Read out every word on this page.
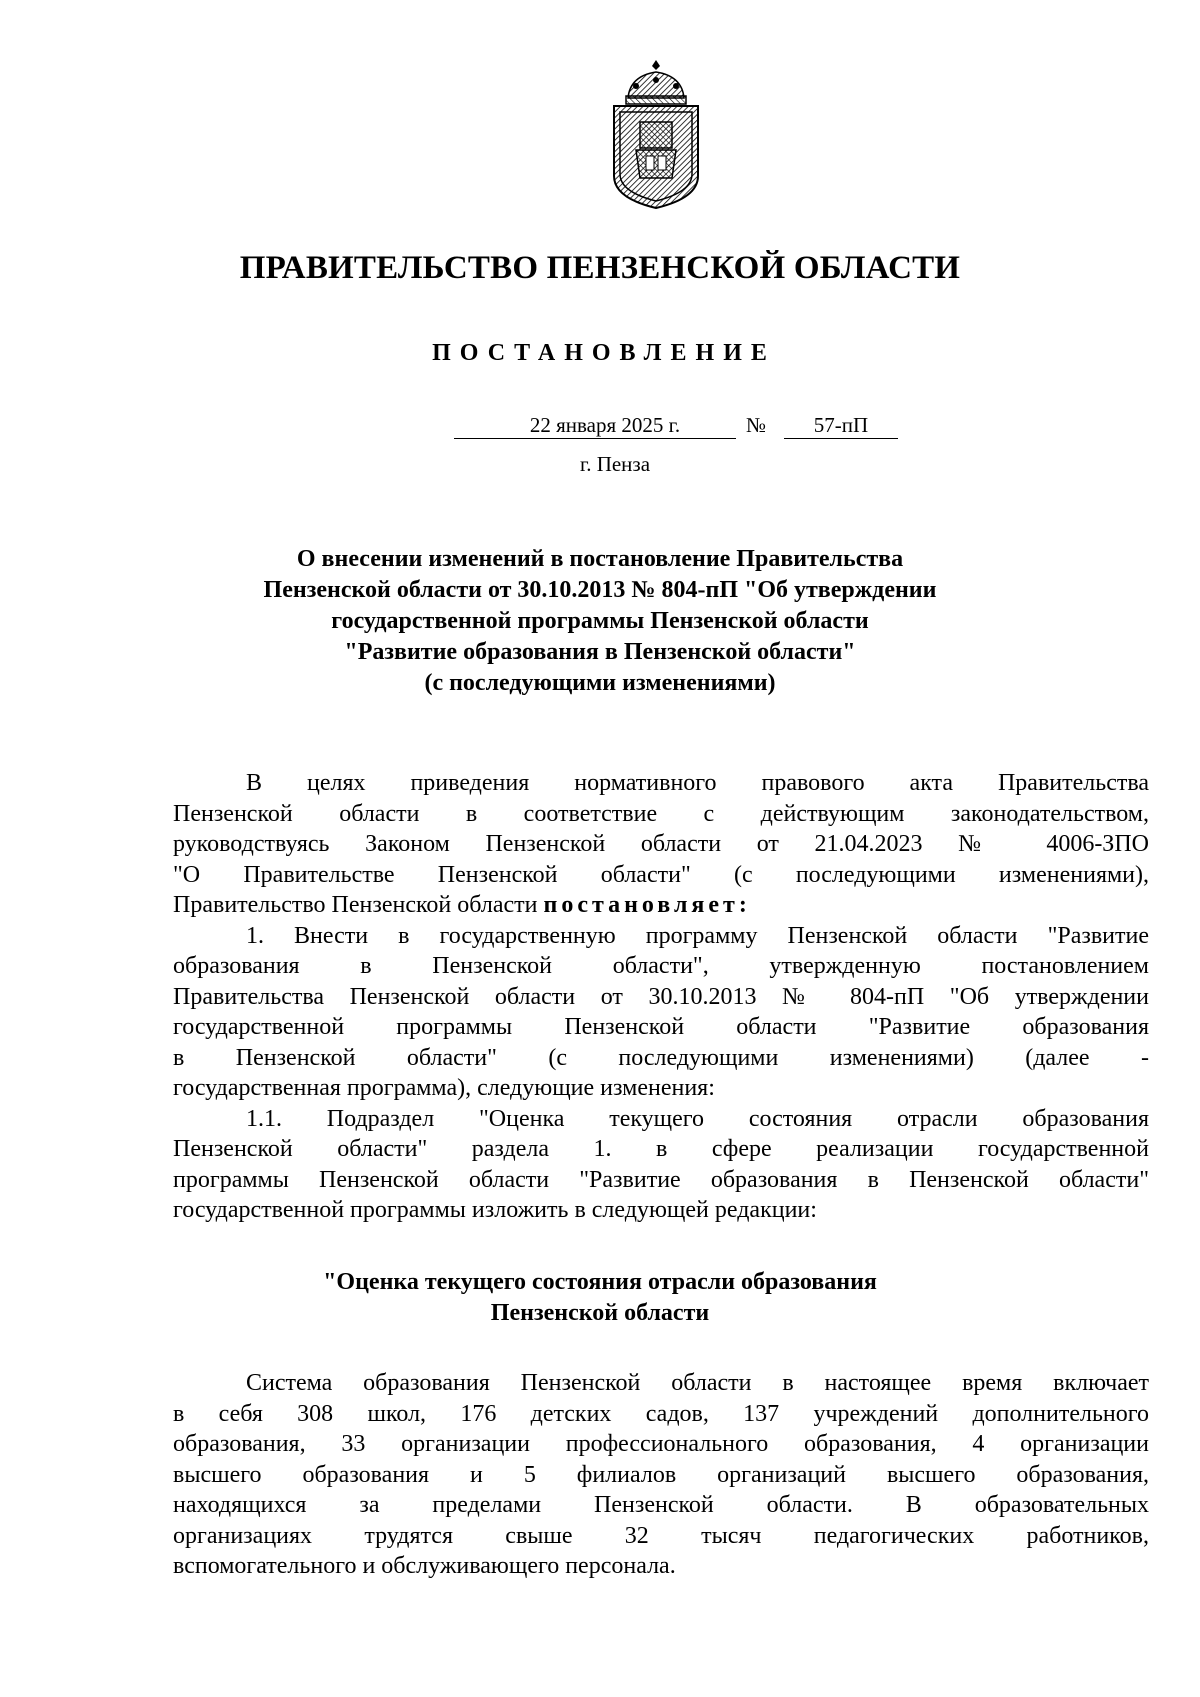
ПРАВИТЕЛЬСТВО ПЕНЗЕНСКОЙ ОБЛАСТИ
ПОСТАНОВЛЕНИЕ
22 января 2025 г.	№	57-пП
г. Пенза
О внесении изменений в постановление Правительства
Пензенской области от 30.10.2013 № 804-пП "Об утверждении
государственной программы Пензенской области
"Развитие образования в Пензенской области"
(с последующими изменениями)
В целях приведения нормативного правового акта Правительства
Пензенской области в соответствие с действующим законодательством,
руководствуясь Законом Пензенской области от 21.04.2023 № 4006-ЗПО
"О Правительстве Пензенской области" (с последующими изменениями),
Правительство Пензенской области постановляет:
1. Внести в государственную программу Пензенской области "Развитие
образования в Пензенской области", утвержденную постановлением
Правительства Пензенской области от 30.10.2013 № 804-пП "Об утверждении
государственной программы Пензенской области "Развитие образования
в Пензенской области" (с последующими изменениями) (далее -
государственная программа), следующие изменения:
1.1. Подраздел "Оценка текущего состояния отрасли образования
Пензенской области" раздела 1. в сфере реализации государственной
программы Пензенской области "Развитие образования в Пензенской области"
государственной программы изложить в следующей редакции:
"Оценка текущего состояния отрасли образования
Пензенской области
Система образования Пензенской области в настоящее время включает
в себя 308 школ, 176 детских садов, 137 учреждений дополнительного
образования, 33 организации профессионального образования, 4 организации
высшего образования и 5 филиалов организаций высшего образования,
находящихся за пределами Пензенской области. В образовательных
организациях трудятся свыше 32 тысяч педагогических работников,
вспомогательного и обслуживающего персонала.
